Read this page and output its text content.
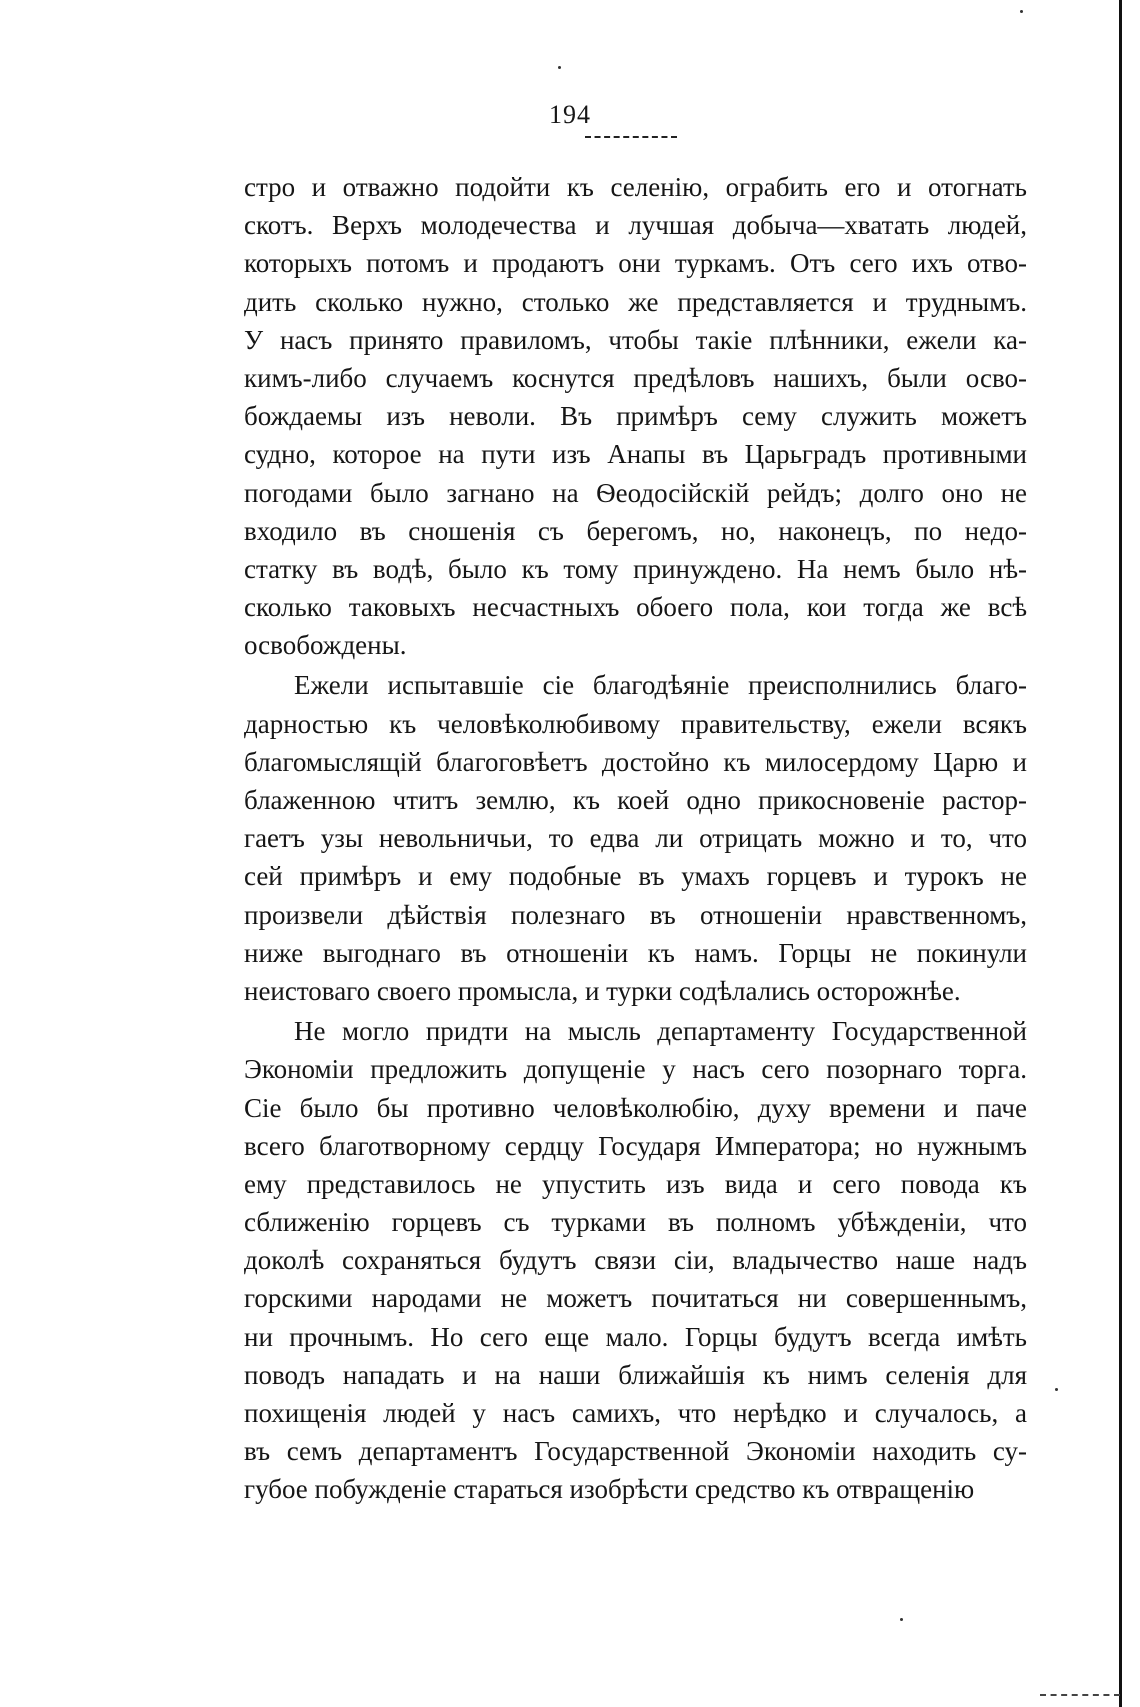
194
стро и отважно подойти къ селенію, ограбить его и отогнать
скотъ. Верхъ молодечества и лучшая добыча—хватать людей,
которыхъ потомъ и продаютъ они туркамъ. Отъ сего ихъ отво-
дить сколько нужно, столько же представляется и труднымъ.
У насъ принято правиломъ, чтобы такіе плѣнники, ежели ка-
кимъ-либо случаемъ коснутся предѣловъ нашихъ, были осво-
бождаемы изъ неволи. Въ примѣръ сему служить можетъ
судно, которое на пути изъ Анапы въ Царьградъ противными
погодами было загнано на Ѳеодосійскій рейдъ; долго оно не
входило въ сношенія съ берегомъ, но, наконецъ, по недо-
статку въ водѣ, было къ тому принуждено. На немъ было нѣ-
сколько таковыхъ несчастныхъ обоего пола, кои тогда же всѣ
освобождены.
Ежели испытавшіе сіе благодѣяніе преисполнились благо-
дарностью къ человѣколюбивому правительству, ежели всякъ
благомыслящій благоговѣетъ достойно къ милосердому Царю и
блаженною чтитъ землю, къ коей одно прикосновеніе растор-
гаетъ узы невольничьи, то едва ли отрицать можно и то, что
сей примѣръ и ему подобные въ умахъ горцевъ и турокъ не
произвели дѣйствія полезнаго въ отношеніи нравственномъ,
ниже выгоднаго въ отношеніи къ намъ. Горцы не покинули
неистоваго своего промысла, и турки содѣлались осторожнѣе.
Не могло придти на мысль департаменту Государственной
Экономіи предложить допущеніе у насъ сего позорнаго торга.
Сіе было бы противно человѣколюбію, духу времени и паче
всего благотворному сердцу Государя Императора; но нужнымъ
ему представилось не упустить изъ вида и сего повода къ
сближенію горцевъ съ турками въ полномъ убѣжденіи, что
доколѣ сохраняться будутъ связи сіи, владычество наше надъ
горскими народами не можетъ почитаться ни совершеннымъ,
ни прочнымъ. Но сего еще мало. Горцы будутъ всегда имѣть
поводъ нападать и на наши ближайшія къ нимъ селенія для
похищенія людей у насъ самихъ, что нерѣдко и случалось, а
въ семъ департаментъ Государственной Экономіи находить су-
губое побужденіе стараться изобрѣсти средство къ отвращенію
